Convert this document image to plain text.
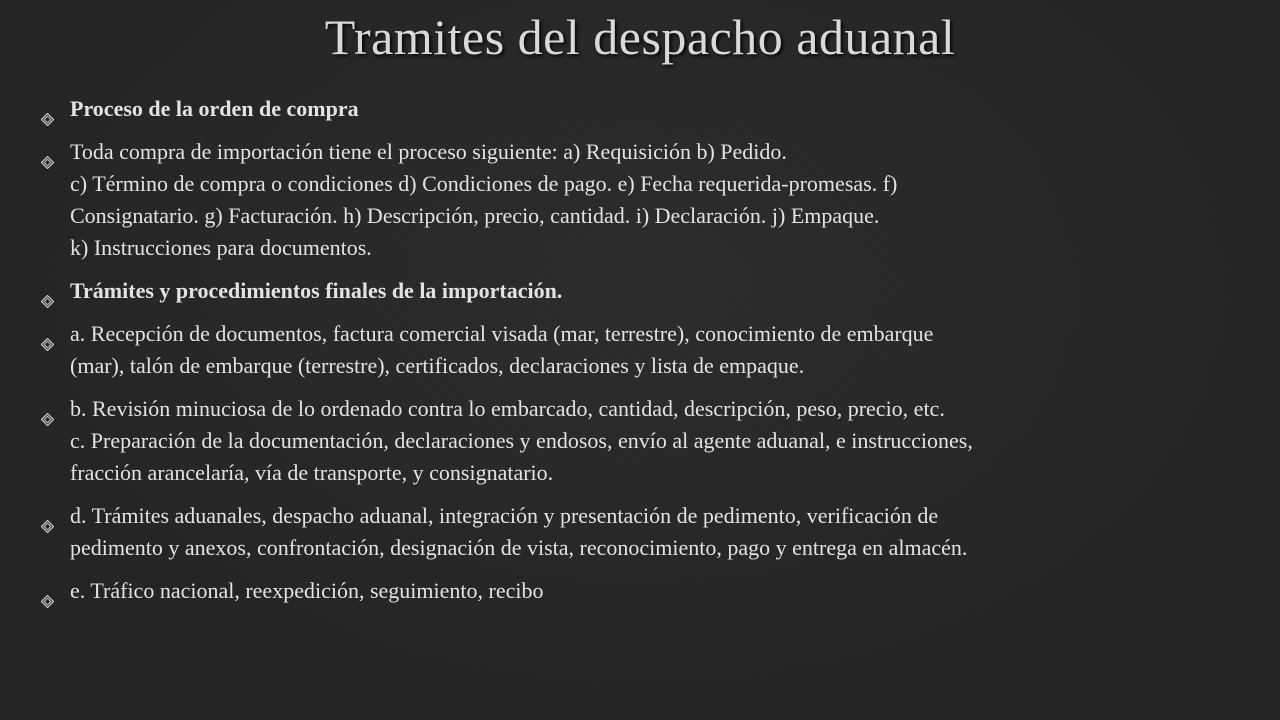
Tramites del despacho aduanal
Proceso de la orden de compra
Toda compra de importación tiene el proceso siguiente: a) Requisición b) Pedido.
c) Término de compra o condiciones d) Condiciones de pago. e) Fecha requerida-promesas. f)
Consignatario. g) Facturación. h) Descripción, precio, cantidad. i) Declaración. j) Empaque.
k) Instrucciones para documentos.
Trámites y procedimientos finales de la importación.
a. Recepción de documentos, factura comercial visada (mar, terrestre), conocimiento de embarque
(mar), talón de embarque (terrestre), certificados, declaraciones y lista de empaque.
b. Revisión minuciosa de lo ordenado contra lo embarcado, cantidad, descripción, peso, precio, etc.
c. Preparación de la documentación, declaraciones y endosos, envío al agente aduanal, e instrucciones,
fracción arancelaría, vía de transporte, y consignatario.
d. Trámites aduanales, despacho aduanal, integración y presentación de pedimento, verificación de
pedimento y anexos, confrontación, designación de vista, reconocimiento, pago y entrega en almacén.
e. Tráfico nacional, reexpedición, seguimiento, recibo
